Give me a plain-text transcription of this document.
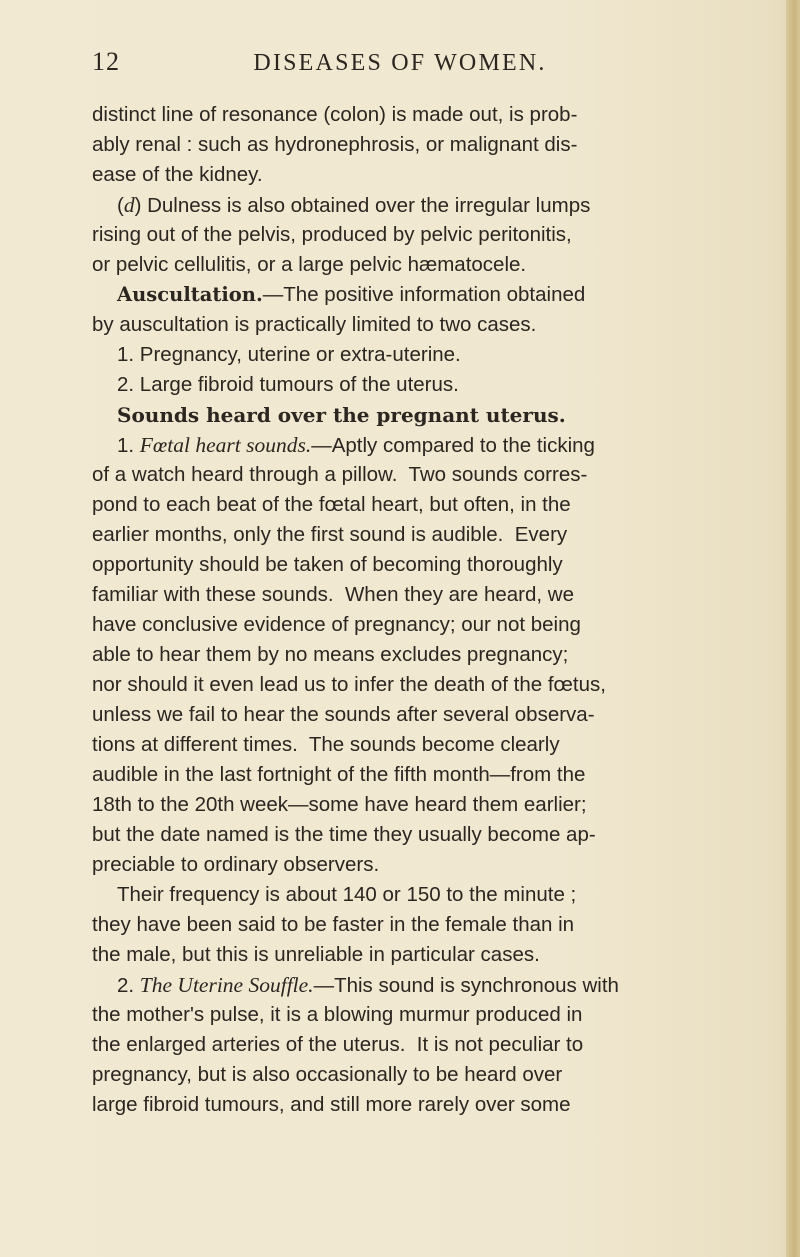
12	DISEASES OF WOMEN.
distinct line of resonance (colon) is made out, is prob-
ably renal : such as hydronephrosis, or malignant dis-
ease of the kidney.
(d) Dulness is also obtained over the irregular lumps
rising out of the pelvis, produced by pelvic peritonitis,
or pelvic cellulitis, or a large pelvic hæmatocele.
Auscultation.—The positive information obtained
by auscultation is practically limited to two cases.
1. Pregnancy, uterine or extra-uterine.
2. Large fibroid tumours of the uterus.
Sounds heard over the pregnant uterus.
1. Fœtal heart sounds.—Aptly compared to the ticking
of a watch heard through a pillow.  Two sounds corres-
pond to each beat of the fœtal heart, but often, in the
earlier months, only the first sound is audible.  Every
opportunity should be taken of becoming thoroughly
familiar with these sounds.  When they are heard, we
have conclusive evidence of pregnancy; our not being
able to hear them by no means excludes pregnancy;
nor should it even lead us to infer the death of the fœtus,
unless we fail to hear the sounds after several observa-
tions at different times.  The sounds become clearly
audible in the last fortnight of the fifth month—from the
18th to the 20th week—some have heard them earlier;
but the date named is the time they usually become ap-
preciable to ordinary observers.
Their frequency is about 140 or 150 to the minute ;
they have been said to be faster in the female than in
the male, but this is unreliable in particular cases.
2. The Uterine Souffle.—This sound is synchronous with
the mother's pulse, it is a blowing murmur produced in
the enlarged arteries of the uterus.  It is not peculiar to
pregnancy, but is also occasionally to be heard over
large fibroid tumours, and still more rarely over some
